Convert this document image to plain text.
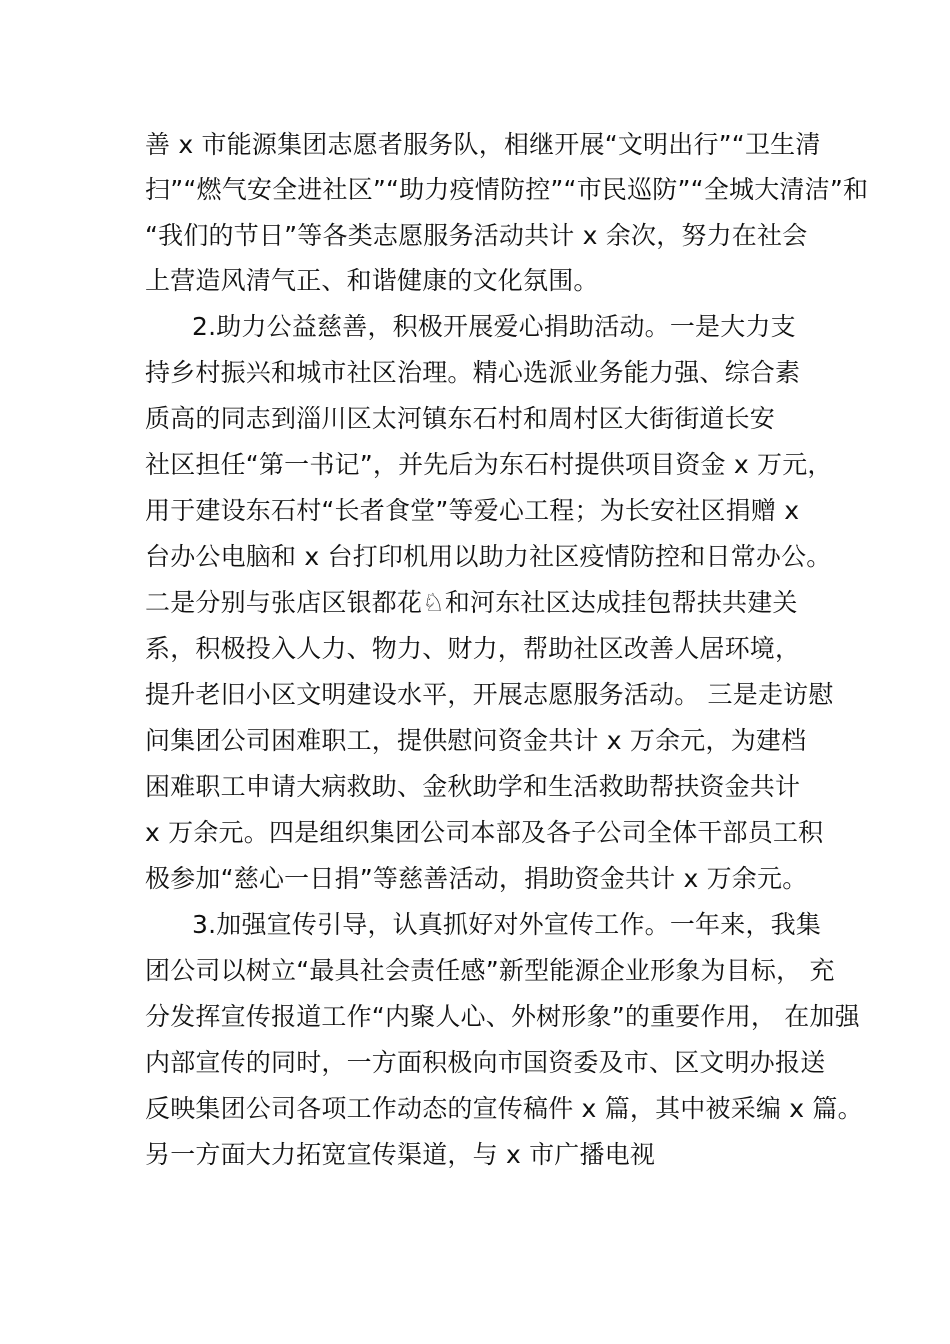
善 x 市能源集团志愿者服务队，相继开展“文明出行”“卫生清
扫”“燃气安全进社区”“助力疫情防控”“市民巡防”“全城大清洁”和
“我们的节日”等各类志愿服务活动共计 x 余次，努力在社会
上营造风清气正、和谐健康的文化氛围。
2.助力公益慈善，积极开展爱心捐助活动。一是大力支
持乡村振兴和城市社区治理。精心选派业务能力强、综合素
质高的同志到淄川区太河镇东石村和周村区大街街道长安
社区担任“第一书记”，并先后为东石村提供项目资金 x 万元，
用于建设东石村“长者食堂”等爱心工程；为长安社区捐赠 x
台办公电脑和 x 台打印机用以助力社区疫情防控和日常办公。
二是分别与张店区银都花♘和河东社区达成挂包帮扶共建关
系，积极投入人力、物力、财力，帮助社区改善人居环境，
提升老旧小区文明建设水平，开展志愿服务活动。 三是走访慰
问集团公司困难职工，提供慰问资金共计 x 万余元，为建档
困难职工申请大病救助、金秋助学和生活救助帮扶资金共计
x 万余元。四是组织集团公司本部及各子公司全体干部员工积
极参加“慈心一日捐”等慈善活动，捐助资金共计 x 万余元。
3.加强宣传引导，认真抓好对外宣传工作。一年来，我集
团公司以树立“最具社会责任感”新型能源企业形象为目标， 充
分发挥宣传报道工作“内聚人心、外树形象”的重要作用， 在加强
内部宣传的同时，一方面积极向市国资委及市、区文明办报送
反映集团公司各项工作动态的宣传稿件 x 篇，其中被采编 x 篇。
另一方面大力拓宽宣传渠道，与 x 市广播电视
